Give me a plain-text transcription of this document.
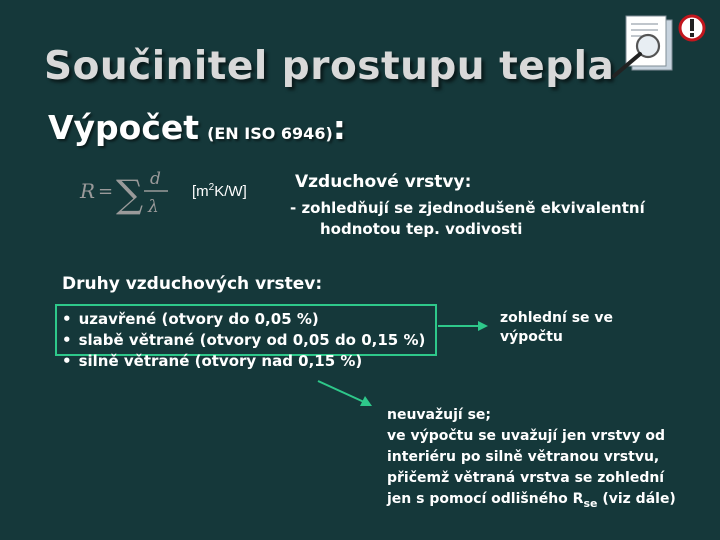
Součinitel prostupu tepla
Výpočet (EN ISO 6946):
R = ∑ d
λ
$[m^2K/W]$	Vzduchové vrstvy:
- zohledňují se zjednodušeně ekvivalentní
hodnotou tep. vodivosti
Druhy vzduchových vrstev:
• uzavřené (otvory do 0,05 %)
• slabě větrané (otvory od 0,05 do 0,15 %)
• silně větrané (otvory nad 0,15 %)
zohlední se ve
výpočtu
neuvažují se;
ve výpočtu se uvažují jen vrstvy od
interiéru po silně větranou vrstvu,
přičemž větraná vrstva se zohlední
jen s pomocí odlišného $R_{se}$ (viz dále)
